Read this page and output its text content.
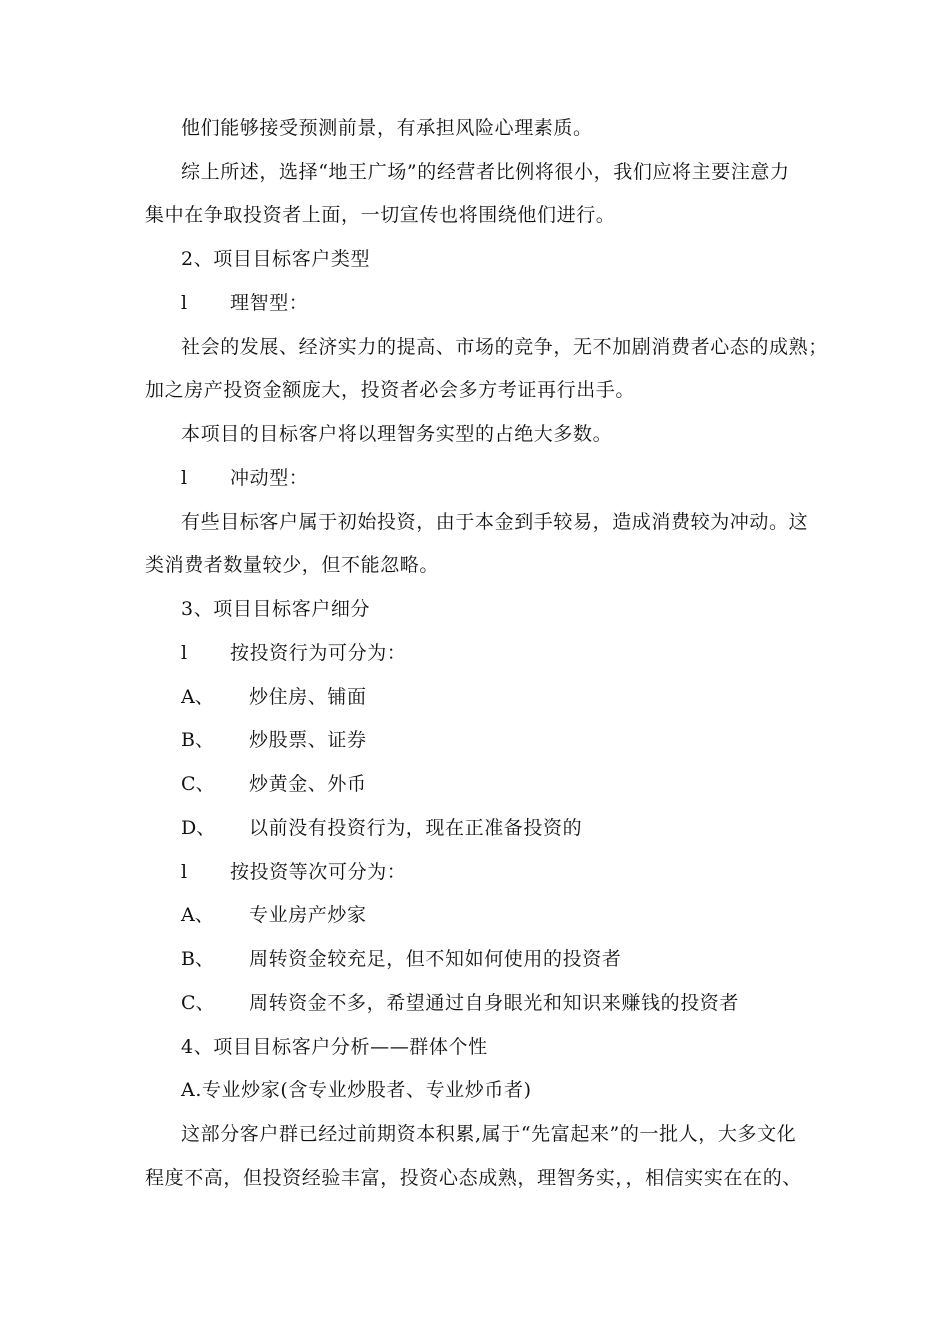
他们能够接受预测前景，有承担风险心理素质。
综上所述，选择“地王广场”的经营者比例将很小，我们应将主要注意力
集中在争取投资者上面，一切宣传也将围绕他们进行。
2、项目目标客户类型
l 理智型：
社会的发展、经济实力的提高、市场的竞争，无不加剧消费者心态的成熟；
加之房产投资金额庞大，投资者必会多方考证再行出手。
本项目的目标客户将以理智务实型的占绝大多数。
l 冲动型：
有些目标客户属于初始投资，由于本金到手较易，造成消费较为冲动。这
类消费者数量较少，但不能忽略。
3、项目目标客户细分
l 按投资行为可分为：
A、 炒住房、铺面
B、 炒股票、证券
C、 炒黄金、外币
D、 以前没有投资行为，现在正准备投资的
l 按投资等次可分为：
A、 专业房产炒家
B、 周转资金较充足，但不知如何使用的投资者
C、 周转资金不多，希望通过自身眼光和知识来赚钱的投资者
4、项目目标客户分析——群体个性
A.专业炒家(含专业炒股者、专业炒币者)
这部分客户群已经过前期资本积累,属于“先富起来”的一批人，大多文化
程度不高，但投资经验丰富，投资心态成熟，理智务实，，相信实实在在的、
